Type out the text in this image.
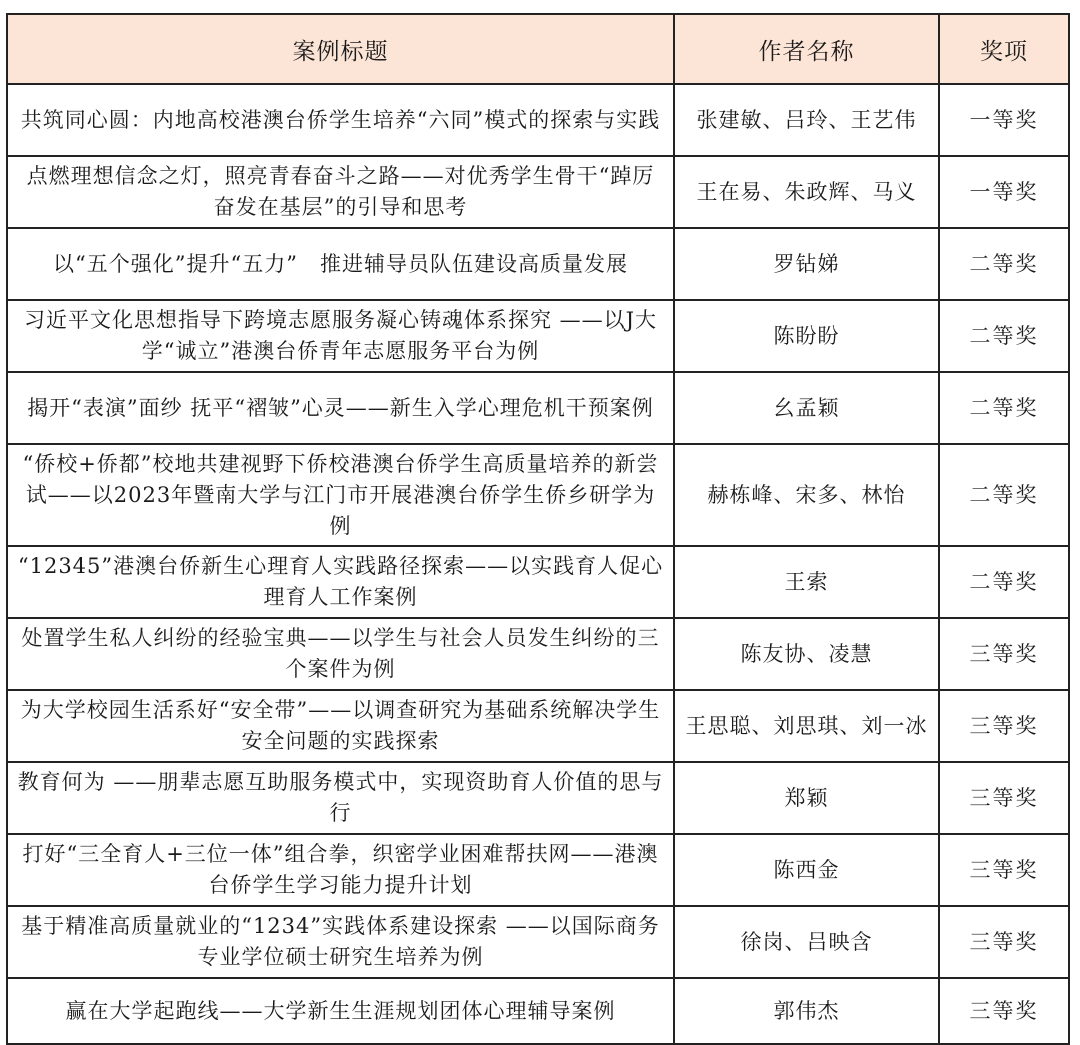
案例标题	作者名称	奖项
共筑同心圆：内地高校港澳台侨学生培养“六同”模式的探索与实践	张建敏、吕玲、王艺伟	一等奖
点燃理想信念之灯，照亮青春奋斗之路——对优秀学生骨干“踔厉奋发在基层”的引导和思考	王在易、朱政辉、马义	一等奖
以“五个强化”提升“五力”　推进辅导员队伍建设高质量发展	罗钻娣	二等奖
习近平文化思想指导下跨境志愿服务凝心铸魂体系探究 ——以J大学“诚立”港澳台侨青年志愿服务平台为例	陈盼盼	二等奖
揭开“表演”面纱 抚平“褶皱”心灵——新生入学心理危机干预案例	幺孟颖	二等奖
“侨校+侨都”校地共建视野下侨校港澳台侨学生高质量培养的新尝试——以2023年暨南大学与江门市开展港澳台侨学生侨乡研学为例	赫栋峰、宋多、林怡	二等奖
“12345”港澳台侨新生心理育人实践路径探索——以实践育人促心理育人工作案例	王索	二等奖
处置学生私人纠纷的经验宝典——以学生与社会人员发生纠纷的三个案件为例	陈友协、凌慧	三等奖
为大学校园生活系好“安全带”——以调查研究为基础系统解决学生安全问题的实践探索	王思聪、刘思琪、刘一冰	三等奖
教育何为 ——朋辈志愿互助服务模式中，实现资助育人价值的思与行	郑颖	三等奖
打好“三全育人+三位一体”组合拳，织密学业困难帮扶网——港澳台侨学生学习能力提升计划	陈西金	三等奖
基于精准高质量就业的“1234”实践体系建设探索 ——以国际商务专业学位硕士研究生培养为例	徐岗、吕映含	三等奖
赢在大学起跑线——大学新生生涯规划团体心理辅导案例	郭伟杰	三等奖
